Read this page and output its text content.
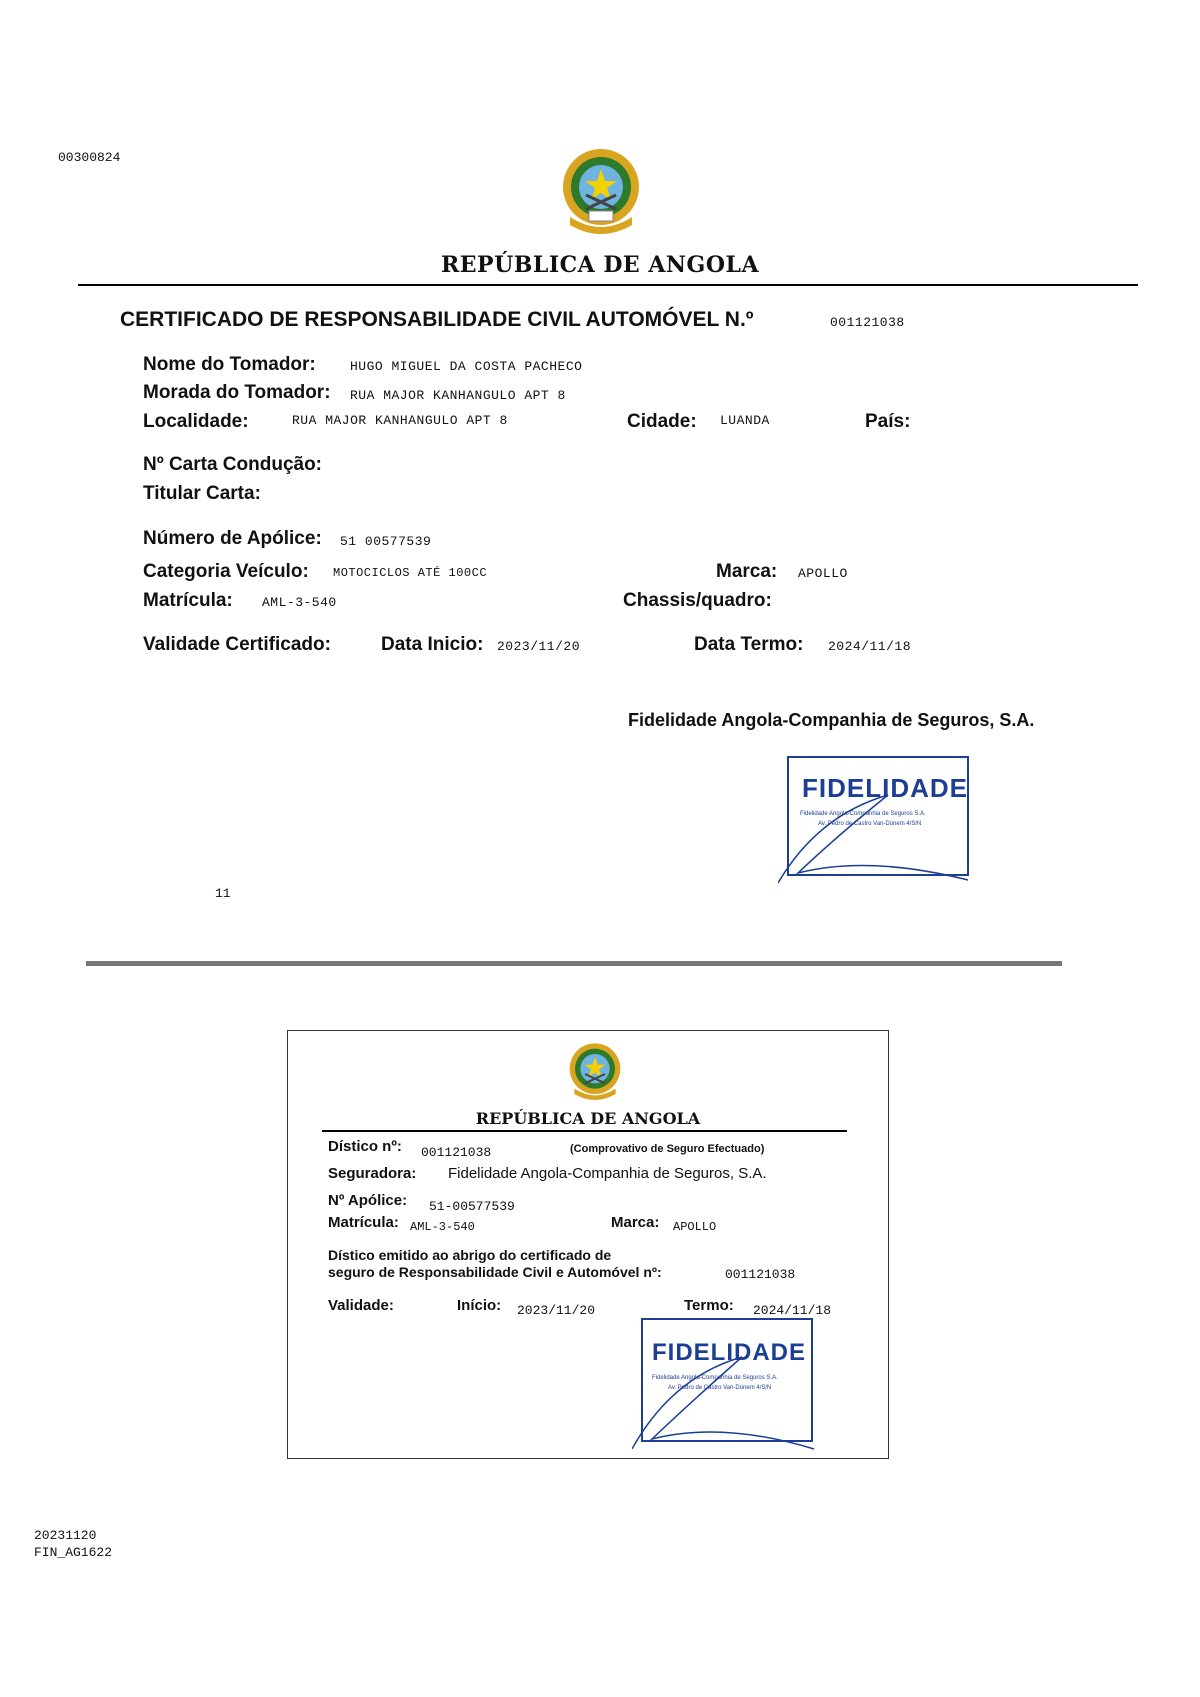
00300824
REPÚBLICA DE ANGOLA
CERTIFICADO DE RESPONSABILIDADE CIVIL AUTOMÓVEL N.º	001121038
Nome do Tomador:	HUGO MIGUEL DA COSTA PACHECO
Morada do Tomador: RUA MAJOR KANHANGULO APT 8
Localidade:	RUA MAJOR KANHANGULO APT 8	Cidade: LUANDA	País:
Nº Carta Condução:
Titular Carta:
Número de Apólice: 51 00577539
Categoria Veículo: MOTOCICLOS ATÉ 100CC	Marca: APOLLO
Matrícula: AML-3-540	Chassis/quadro:
Validade Certificado:	Data Inicio: 2023/11/20	Data Termo: 2024/11/18
Fidelidade Angola-Companhia de Seguros, S.A.
FIDELIDADE
Fidelidade Angola-Companhia de Seguros S.A.
Av. Pedro de Castro Van-Dúnem 4/S/N
11
REPÚBLICA DE ANGOLA
Dístico nº: 001121038	(Comprovativo de Seguro Efectuado)
Seguradora: Fidelidade Angola-Companhia de Seguros, S.A.
Nº Apólice: 51-00577539
Matrícula: AML-3-540	Marca: APOLLO
Dístico emitido ao abrigo do certificado de
seguro de Responsabilidade Civil e Automóvel nº:	001121038
Validade:	Início: 2023/11/20	Termo: 2024/11/18
FIDELIDADE
Fidelidade Angola-Companhia de Seguros S.A.
Av. Pedro de Castro Van-Dúnem 4/S/N
20231120
FIN_AG1622
